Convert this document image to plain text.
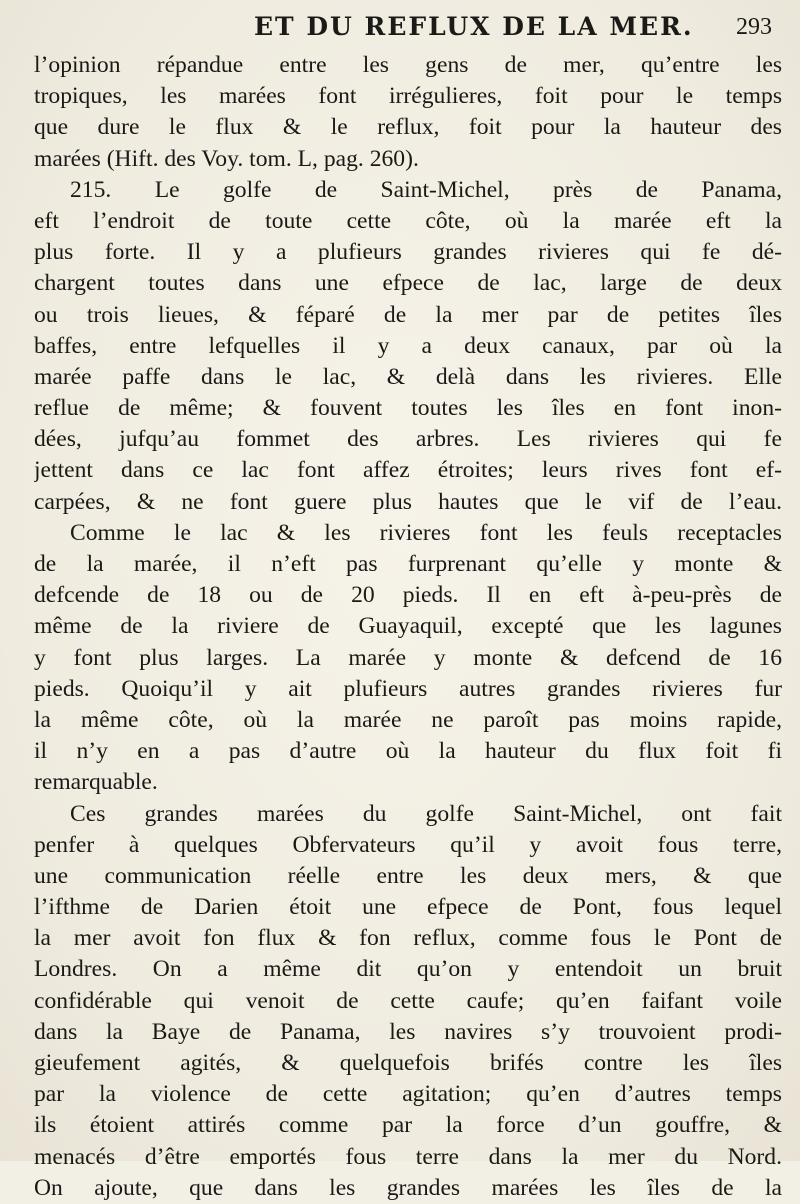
ET DU REFLUX DE LA MER.	293
l’opinion répandue entre les gens de mer, qu’entre les
tropiques, les marées font irrégulieres, foit pour le temps
que dure le flux & le reflux, foit pour la hauteur des
marées (Hift. des Voy. tom. L, pag. 260).
215. Le golfe de Saint-Michel, près de Panama,
eft l’endroit de toute cette côte, où la marée eft la
plus forte. Il y a plufieurs grandes rivieres qui fe dé-
chargent toutes dans une efpece de lac, large de deux
ou trois lieues, & féparé de la mer par de petites îles
baffes, entre lefquelles il y a deux canaux, par où la
marée paffe dans le lac, & delà dans les rivieres. Elle
reflue de même; & fouvent toutes les îles en font inon-
dées, jufqu’au fommet des arbres. Les rivieres qui fe
jettent dans ce lac font affez étroites; leurs rives font ef-
carpées, & ne font guere plus hautes que le vif de l’eau.
Comme le lac & les rivieres font les feuls receptacles
de la marée, il n’eft pas furprenant qu’elle y monte &
defcende de 18 ou de 20 pieds. Il en eft à-peu-près de
même de la riviere de Guayaquil, excepté que les lagunes
y font plus larges. La marée y monte & defcend de 16
pieds. Quoiqu’il y ait plufieurs autres grandes rivieres fur
la même côte, où la marée ne paroît pas moins rapide,
il n’y en a pas d’autre où la hauteur du flux foit fi
remarquable.
Ces grandes marées du golfe Saint-Michel, ont fait
penfer à quelques Obfervateurs qu’il y avoit fous terre,
une communication réelle entre les deux mers, & que
l’ifthme de Darien étoit une efpece de Pont, fous lequel
la mer avoit fon flux & fon reflux, comme fous le Pont de
Londres. On a même dit qu’on y entendoit un bruit
confidérable qui venoit de cette caufe; qu’en faifant voile
dans la Baye de Panama, les navires s’y trouvoient prodi-
gieufement agités, & quelquefois brifés contre les îles
par la violence de cette agitation; qu’en d’autres temps
ils étoient attirés comme par la force d’un gouffre, &
menacés d’être emportés fous terre dans la mer du Nord.
On ajoute, que dans les grandes marées les îles de la
